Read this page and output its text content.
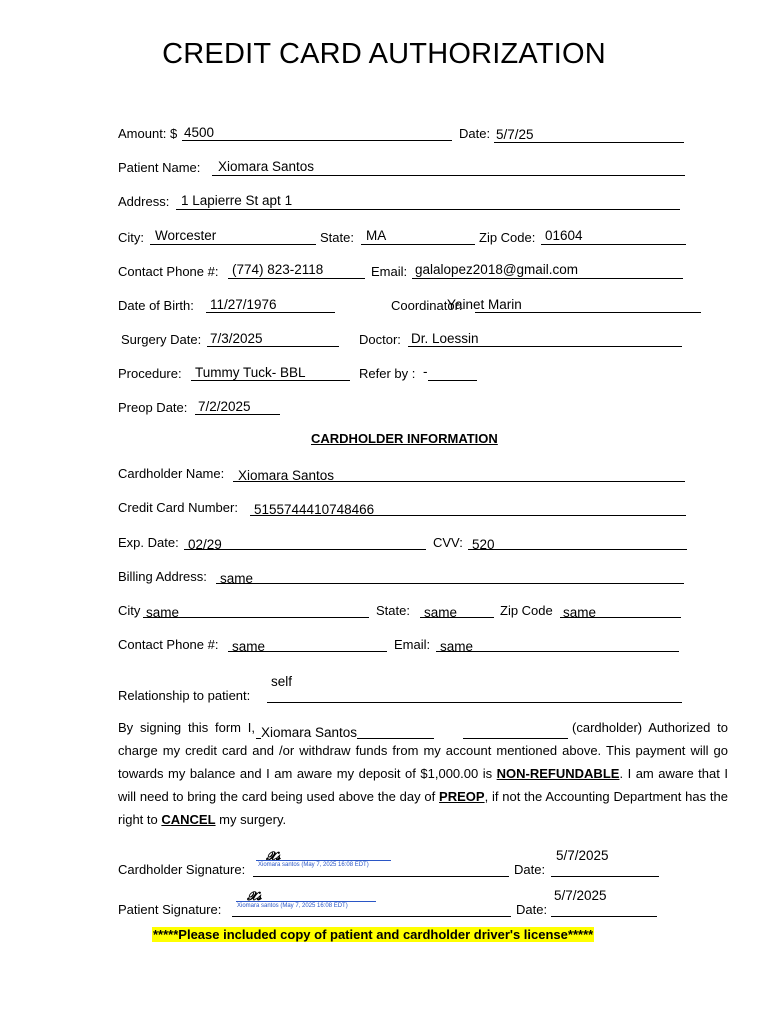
CREDIT CARD AUTHORIZATION
Amount: $ 4500	Date: 5/7/25
Patient Name: Xiomara Santos
Address: 1 Lapierre St apt 1
City: Worcester	State: MA	Zip Code: 01604
Contact Phone #: (774) 823-2118	Email: galalopez2018@gmail.com
Date of Birth: 11/27/1976	Coordinator:
Yainet Marin
Surgery Date: 7/3/2025	Doctor: Dr. Loessin
Procedure: Tummy Tuck- BBL	Refer by : -
Preop Date: 7/2/2025
CARDHOLDER INFORMATION
Cardholder Name: Xiomara Santos
Credit Card Number: 5155744410748466
Exp. Date: 02/29	CVV: 520
Billing Address: same
City same	State: same	Zip Code same
Contact Phone #: same	Email: same
self
Relationship to patient:
Xiomara Santos
By signing this form I,	(cardholder) Authorized to charge my credit card and /or withdraw funds from my account mentioned above. This payment will go towards my balance and I am aware my deposit of $1,000.00 is NON-REFUNDABLE. I am aware that I will need to bring the card being used above the day of PREOP, if not the Accounting Department has the right to CANCEL my surgery.
5/7/2025
𝓧𝓼
Xiomara santos (May 7, 2025 16:08 EDT)
Cardholder Signature:	Date:
5/7/2025
𝓧𝓼
Xiomara santos (May 7, 2025 16:08 EDT)
Patient Signature:	Date:
*****Please included copy of patient and cardholder driver's license*****
